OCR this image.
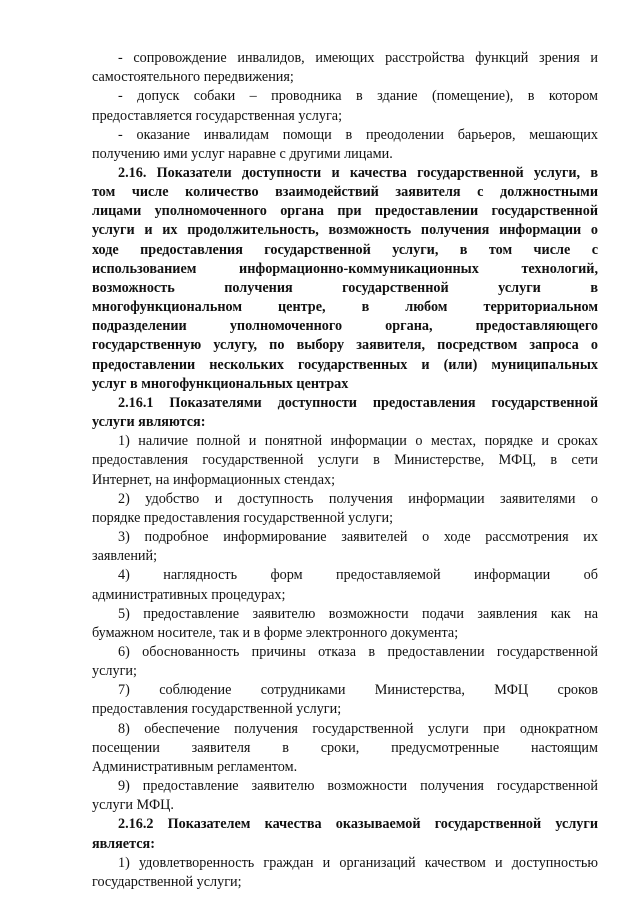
- сопровождение инвалидов, имеющих расстройства функций зрения и

самостоятельного передвижения;

- допуск собаки – проводника в здание (помещение), в котором

предоставляется государственная услуга;

- оказание инвалидам помощи в преодолении барьеров, мешающих

получению ими услуг наравне с другими лицами.

2.16. Показатели доступности и качества государственной услуги, в

том числе количество взаимодействий заявителя с должностными

лицами уполномоченного органа при предоставлении государственной

услуги и их продолжительность, возможность получения информации о

ходе предоставления государственной услуги, в том числе с

использованием информационно-коммуникационных технологий,

возможность получения государственной услуги в

многофункциональном центре, в любом территориальном

подразделении уполномоченного органа, предоставляющего

государственную услугу, по выбору заявителя, посредством запроса о

предоставлении нескольких государственных и (или) муниципальных

услуг в многофункциональных центрах

2.16.1 Показателями доступности предоставления государственной

услуги являются:

1) наличие полной и понятной информации о местах, порядке и сроках

предоставления государственной услуги в Министерстве, МФЦ, в сети

Интернет, на информационных стендах;

2) удобство и доступность получения информации заявителями о

порядке предоставления государственной услуги;

3) подробное информирование заявителей о ходе рассмотрения их

заявлений;

4) наглядность форм предоставляемой информации об

административных процедурах;

5) предоставление заявителю возможности подачи заявления как на

бумажном носителе, так и в форме электронного документа;

6) обоснованность причины отказа в предоставлении государственной

услуги;

7) соблюдение сотрудниками Министерства, МФЦ сроков

предоставления государственной услуги;

8) обеспечение получения государственной услуги при однократном

посещении заявителя в сроки, предусмотренные настоящим

Административным регламентом.

9) предоставление заявителю возможности получения государственной

услуги МФЦ.

2.16.2 Показателем качества оказываемой государственной услуги

является:

1) удовлетворенность граждан и организаций качеством и доступностью

государственной услуги;
